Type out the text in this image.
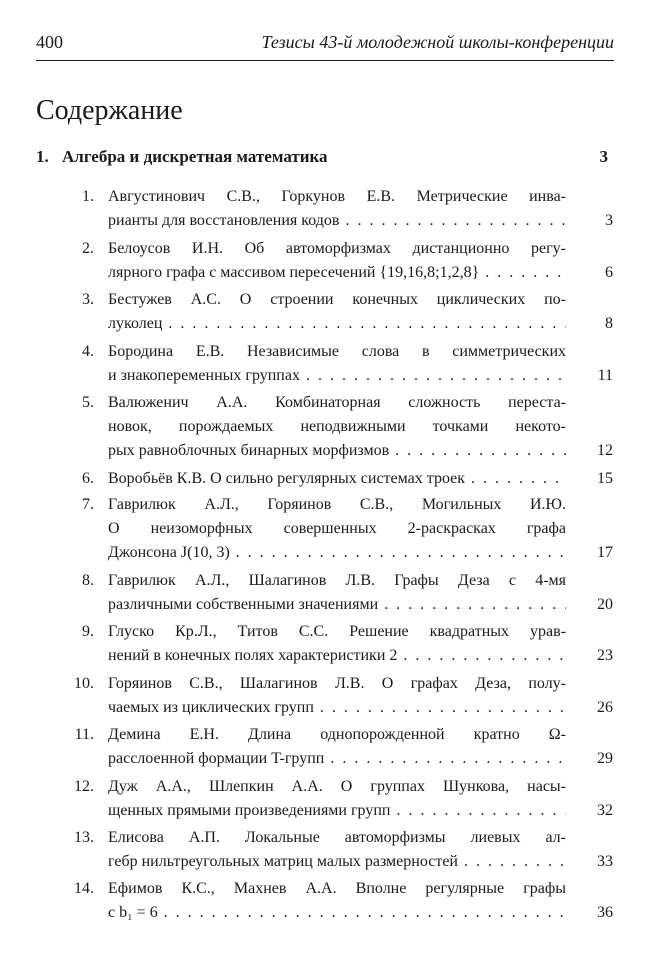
400	Тезисы 43-й молодежной школы-конференции
Содержание
1. Алгебра и дискретная математика	3
1. Августинович С.В., Горкунов Е.В. Метрические инва-
рианты для восстановления кодов . . .	3
2. Белоусов И.Н. Об автоморфизмах дистанционно регу-
лярного графа с массивом пересечений {19,16,8;1,2,8} . . .	6
3. Бестужев А.С. О строении конечных циклических по-
луколец . . .	8
4. Бородина Е.В. Независимые слова в симметрических
и знакопеременных группах . . .	11
5. Валюженич А.А. Комбинаторная сложность переста-
новок, порождаемых неподвижными точками некото-
рых равноблочных бинарных морфизмов . . .	12
6. Воробьёв К.В. О сильно регулярных системах троек . . .	15
7. Гаврилюк А.Л., Горяинов С.В., Могильных И.Ю.
О неизоморфных совершенных 2-раскрасках графа
Джонсона J(10, 3) . . .	17
8. Гаврилюк А.Л., Шалагинов Л.В. Графы Деза с 4-мя
различными собственными значениями . . .	20
9. Глуско Кр.Л., Титов С.С. Решение квадратных урав-
нений в конечных полях характеристики 2 . . .	23
10. Горяинов С.В., Шалагинов Л.В. О графах Деза, полу-
чаемых из циклических групп . . .	26
11. Демина Е.Н. Длина однопорожденной кратно Ω-
расслоенной формации T-групп . . .	29
12. Дуж А.А., Шлепкин А.А. О группах Шункова, насы-
щенных прямыми произведениями групп . . .	32
13. Елисова А.П. Локальные автоморфизмы лиевых ал-
гебр нильтреугольных матриц малых размерностей . . .	33
14. Ефимов К.С., Махнев А.А. Вполне регулярные графы
с b₁ = 6 . . .	36
